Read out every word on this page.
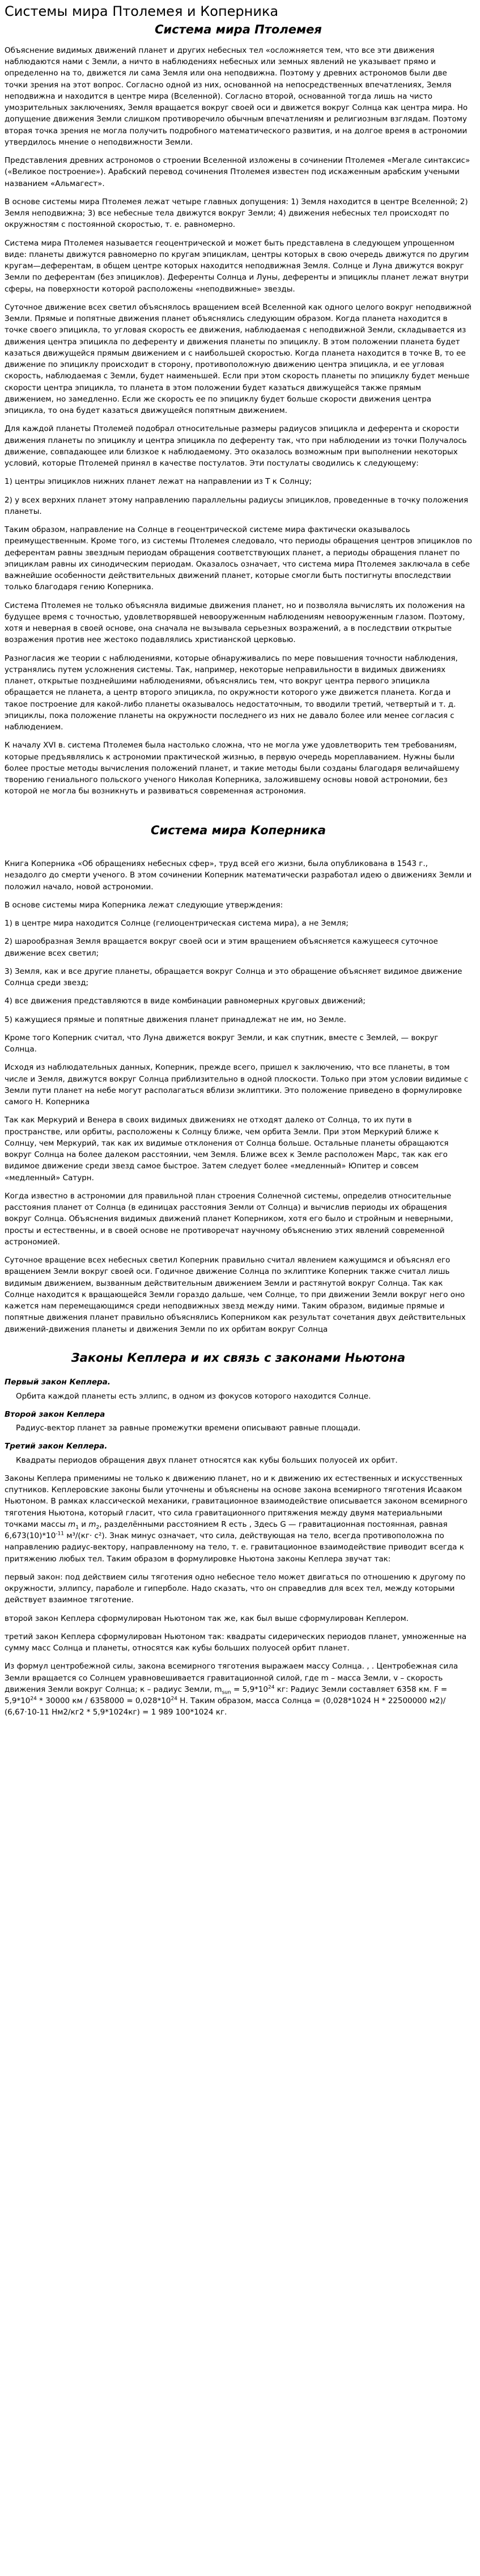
Системы мира Птолемея и Коперника
Система мира Птолемея

Объяснение видимых движений планет и других небесных тел «осложняется тем, что все эти движения наблюдаются нами с Земли, а ничто в наблюдениях небесных или земных явлений не указывает прямо и определенно на то, движется ли сама Земля или она неподвижна. Поэтому у древних астрономов были две точки зрения на этот вопрос. Согласно одной из них, основанной на непосредственных впечатлениях, Земля неподвижна и находится в центре мира (Вселенной). Согласно второй, основанной тогда лишь на чисто умозрительных заключениях, Земля вращается вокруг своей оси и движется вокруг Солнца как центра мира. Но допущение движения Земли слишком противоречило обычным впечатлениям и религиозным взглядам. Поэтому вторая точка зрения не могла получить подробного математического развития, и на долгое время в астрономии утвердилось мнение о неподвижности Земли.

Представления древних астрономов о строении Вселенной изложены в сочинении Птолемея «Мегале синтаксис» («Великое построение»). Арабский перевод сочинения Птолемея известен под искаженным арабским учеными названием «Альмагест».

В основе системы мира Птолемея лежат четыре главных допущения: 1) Земля находится в центре Вселенной; 2) Земля неподвижна; 3) все небесные тела движутся вокруг Земли; 4) движения небесных тел происходят по окружностям с постоянной скоростью, т. е. равномерно.

Система мира Птолемея называется геоцентрической и может быть представлена в следующем упрощенном виде: планеты движутся равномерно по кругам эпициклам, центры которых в свою очередь движутся по другим кругам—деферентам, в общем центре которых находится неподвижная Земля. Солнце и Луна движутся вокруг Земли по деферентам (без эпициклов). Деференты Солнца и Луны, деференты и эпициклы планет лежат внутри сферы, на поверхности которой расположены «неподвижные» звезды.

Суточное движение всех светил объяснялось вращением всей Вселенной как одного целого вокруг неподвижной Земли. Прямые и попятные движения планет объяснялись следующим образом. Когда планета находится в точке своего эпицикла, то угловая скорость ее движения, наблюдаемая с неподвижной Земли, складывается из движения центра эпицикла по деференту и движения планеты по эпициклу. В этом положении планета будет казаться движущейся прямым движением и с наибольшей скоростью. Когда планета находится в точке B, то ее движение по эпициклу происходит в сторону, противоположную движению центра эпицикла, и ее угловая скорость, наблюдаемая с Земли, будет наименьшей. Если при этом скорость планеты по эпициклу будет меньше скорости центра эпицикла, то планета в этом положении будет казаться движущейся также прямым движением, но замедленно. Если же скорость ее по эпициклу будет больше скорости движения центра эпицикла, то она будет казаться движущейся попятным движением.

Для каждой планеты Птолемей подобрал относительные размеры радиусов эпицикла и деферента и скорости движения планеты по эпициклу и центра эпицикла по деференту так, что при наблюдении из точки Получалось движение, совпадающее или близкое к наблюдаемому. Это оказалось возможным при выполнении некоторых условий, которые Птолемей принял в качестве постулатов. Эти постулаты сводились к следующему:

1) центры эпициклов нижних планет лежат на направлении из T к Солнцу;

2) у всех верхних планет этому направлению параллельны радиусы эпициклов, проведенные в точку положения планеты.

Таким образом, направление на Солнце в геоцентрической системе мира фактически оказывалось преимущественным. Кроме того, из системы Птолемея следовало, что периоды обращения центров эпициклов по деферентам равны звездным периодам обращения соответствующих планет, а периоды обращения планет по эпициклам равны их синодическим периодам. Оказалось означает, что система мира Птолемея заключала в себе важнейшие особенности действительных движений планет, которые смогли быть постигнуты впоследствии только благодаря гению Коперника.

Система Птолемея не только объясняла видимые движения планет, но и позволяла вычислять их положения на будущее время с точностью, удовлетворявшей невооруженным наблюдениям невооруженным глазом. Поэтому, хотя и неверная в своей основе, она сначала не вызывала серьезных возражений, а в последствии открытые возражения против нее жестоко подавлялись христианской церковью.

Разногласия же теории с наблюдениями, которые обнаруживались по мере повышения точности наблюдения, устранялись путем усложнения системы. Так, например, некоторые неправильности в видимых движениях планет, открытые позднейшими наблюдениями, объяснялись тем, что вокруг центра первого эпицикла обращается не планета, а центр второго эпицикла, по окружности которого уже движется планета. Когда и такое построение для какой-либо планеты оказывалось недостаточным, то вводили третий, четвертый и т. д. эпициклы, пока положение планеты на окружности последнего из них не давало более или менее согласия с наблюдением.

К началу XVI в. система Птолемея была настолько сложна, что не могла уже удовлетворить тем требованиям, которые предъявлялись к астрономии практической жизнью, в первую очередь мореплаванием. Нужны были более простые методы вычисления положений планет, и такие методы были созданы благодаря величайшему творению гениального польского ученого Николая Коперника, заложившему основы новой астрономии, без которой не могла бы возникнуть и развиваться современная астрономия.

Система мира Коперника

Книга Коперника «Об обращениях небесных сфер», труд всей его жизни, была опубликована в 1543 г., незадолго до смерти ученого. В этом сочинении Коперник математически разработал идею о движениях Земли и положил начало, новой астрономии.

В основе системы мира Коперника лежат следующие утверждения:

1) в центре мира находится Солнце (гелиоцентрическая система мира), а не Земля;

2) шарообразная Земля вращается вокруг своей оси и этим вращением объясняется кажущееся суточное движение всех светил;

3) Земля, как и все другие планеты, обращается вокруг Солнца и это обращение объясняет видимое движение Солнца среди звезд;

4) все движения представляются в виде комбинации равномерных круговых движений;

5) кажущиеся прямые и попятные движения планет принадлежат не им, но Земле.

Кроме того Коперник считал, что Луна движется вокруг Земли, и как спутник, вместе с Землей, — вокруг Солнца.

Исходя из наблюдательных данных, Коперник, прежде всего, пришел к заключению, что все планеты, в том числе и Земля, движутся вокруг Солнца приблизительно в одной плоскости. Только при этом условии видимые с Земли пути планет на небе могут располагаться вблизи эклиптики. Это положение приведено в формулировке самого Н. Коперника

Так как Меркурий и Венера в своих видимых движениях не отходят далеко от Солнца, то их пути в пространстве, или орбиты, расположены к Солнцу ближе, чем орбита Земли. При этом Меркурий ближе к Солнцу, чем Меркурий, так как их видимые отклонения от Солнца больше. Остальные планеты обращаются вокруг Солнца на более далеком расстоянии, чем Земля. Ближе всех к Земле расположен Марс, так как его видимое движение среди звезд самое быстрое. Затем следует более «медленный» Юпитер и совсем «медленный» Сатурн.

Когда известно в астрономии для правильной план строения Солнечной системы, определив относительные расстояния планет от Солнца (в единицах расстояния Земли от Солнца) и вычислив периоды их обращения вокруг Солнца. Объяснения видимых движений планет Коперником, хотя его было и стройным и неверными, просты и естественны, и в своей основе не противоречат научному объяснению этих явлений современной астрономией.

Суточное вращение всех небесных светил Коперник правильно считал явлением кажущимся и объяснял его вращением Земли вокруг своей оси. Годичное движение Солнца по эклиптике Коперник также считал лишь видимым движением, вызванным действительным движением Земли и растянутой вокруг Солнца. Так как Солнце находится к вращающейся Земли гораздо дальше, чем Солнце, то при движении Земли вокруг него оно кажется нам перемещающимся среди неподвижных звезд между ними. Таким образом, видимые прямые и попятные движения планет правильно объяснялись Коперником как результат сочетания двух действительных движений-движения планеты и движения Земли по их орбитам вокруг Солнца

Законы Кеплера и их связь с законами Ньютона
Первый закон Кеплера.

Орбита каждой планеты есть эллипс, в одном из фокусов которого находится Солнце.

Второй закон Кеплера

Радиус-вектор планет за равные промежутки времени описывают равные площади.

Третий закон Кеплера.

Квадраты периодов обращения двух планет относятся как кубы больших полуосей их орбит.

Законы Кеплера применимы не только к движению планет, но и к движению их естественных и искусственных спутников. Кеплеровские законы были уточнены и объяснены на основе закона всемирного тяготения Исааком Ньютоном. В рамках классической механики, гравитационное взаимодействие описывается законом всемирного тяготения Ньютона, который гласит, что сила гравитационного притяжения между двумя материальными точками массы $m_1$ и $m_2$, разделёнными расстоянием R есть , Здесь G — гравитационная постоянная, равная $6,673(10)*10^{-11}$ м³/(кг· с²). Знак минус означает, что сила, действующая на тело, всегда противоположна по направлению радиус-вектору, направленному на тело, т. е. гравитационное взаимодействие приводит всегда к притяжению любых тел. Таким образом в формулировке Ньютона законы Кеплера звучат так:

первый закон: под действием силы тяготения одно небесное тело может двигаться по отношению к другому по окружности, эллипсу, параболе и гиперболе. Надо сказать, что он справедлив для всех тел, между которыми действует взаимное тяготение.

второй закон Кеплера сформулирован Ньютоном так же, как был выше сформулирован Кеплером.

третий закон Кеплера сформулирован Ньютоном так: квадраты сидерических периодов планет, умноженные на сумму масс Солнца и планеты, относятся как кубы больших полуосей орбит планет.

Из формул центробежной силы, закона всемирного тяготения выражаем массу Солнца. , . Центробежная сила Земли вращается со Солнцем уравновешивается гравитационной силой, где m – масса Земли, v – скорость движения Земли вокруг Солнца; к – радиус Земли, $m_{sun} = 5,9*10^{24}$ кг: Радиус Земли составляет 6358 км. $F = 5,9*10^{24} * 30000$ км / $6358000 = 0,028*10^{24}$ Н. Таким образом, масса Солнца = (0,028*1024 Н * 22500000 м2)/ (6,67·10-11 Нм2/кг2 * 5,9*1024кг) = 1 989 100*1024 кг.
